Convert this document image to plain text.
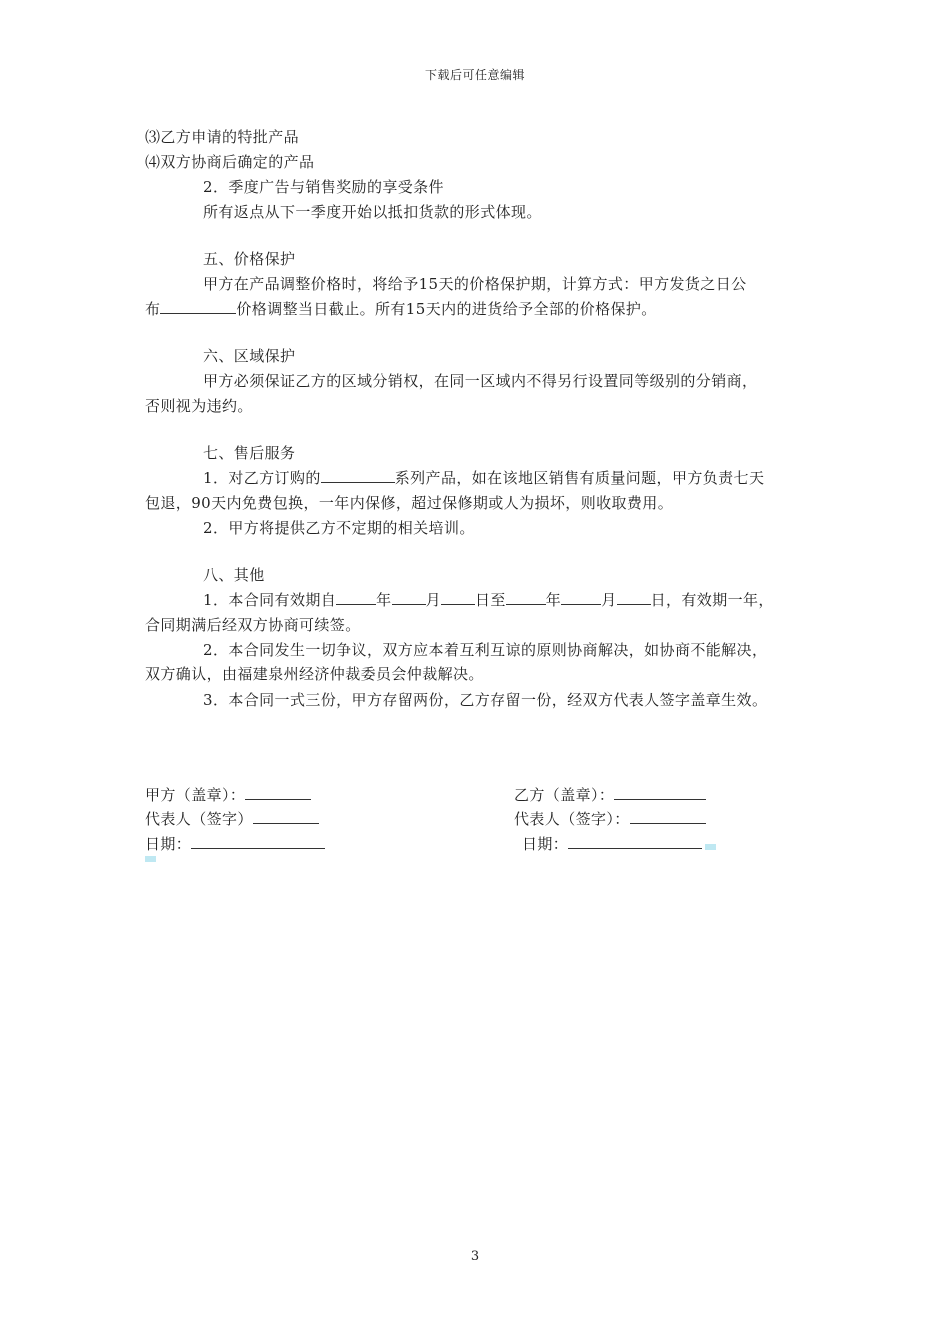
下载后可任意编辑
⑶乙方申请的特批产品
⑷双方协商后确定的产品
2．季度广告与销售奖励的享受条件
所有返点从下一季度开始以抵扣货款的形式体现。
五、价格保护
甲方在产品调整价格时，将给予15天的价格保护期，计算方式：甲方发货之日公
布	价格调整当日截止。所有15天内的进货给予全部的价格保护。
六、区域保护
甲方必须保证乙方的区域分销权，在同一区域内不得另行设置同等级别的分销商，
否则视为违约。
七、售后服务
1．对乙方订购的	系列产品，如在该地区销售有质量问题，甲方负责七天
包退，90天内免费包换，一年内保修，超过保修期或人为损坏，则收取费用。
2．甲方将提供乙方不定期的相关培训。
八、其他
1．本合同有效期自	年 月 日至	年	月 日，有效期一年，
合同期满后经双方协商可续签。
2．本合同发生一切争议，双方应本着互利互谅的原则协商解决，如协商不能解决，
双方确认，由福建泉州经济仲裁委员会仲裁解决。
3．本合同一式三份，甲方存留两份，乙方存留一份，经双方代表人签字盖章生效。
甲方（盖章）：
代表人（签字）
日期：
乙方（盖章）：
代表人（签字）：
日期：
3
